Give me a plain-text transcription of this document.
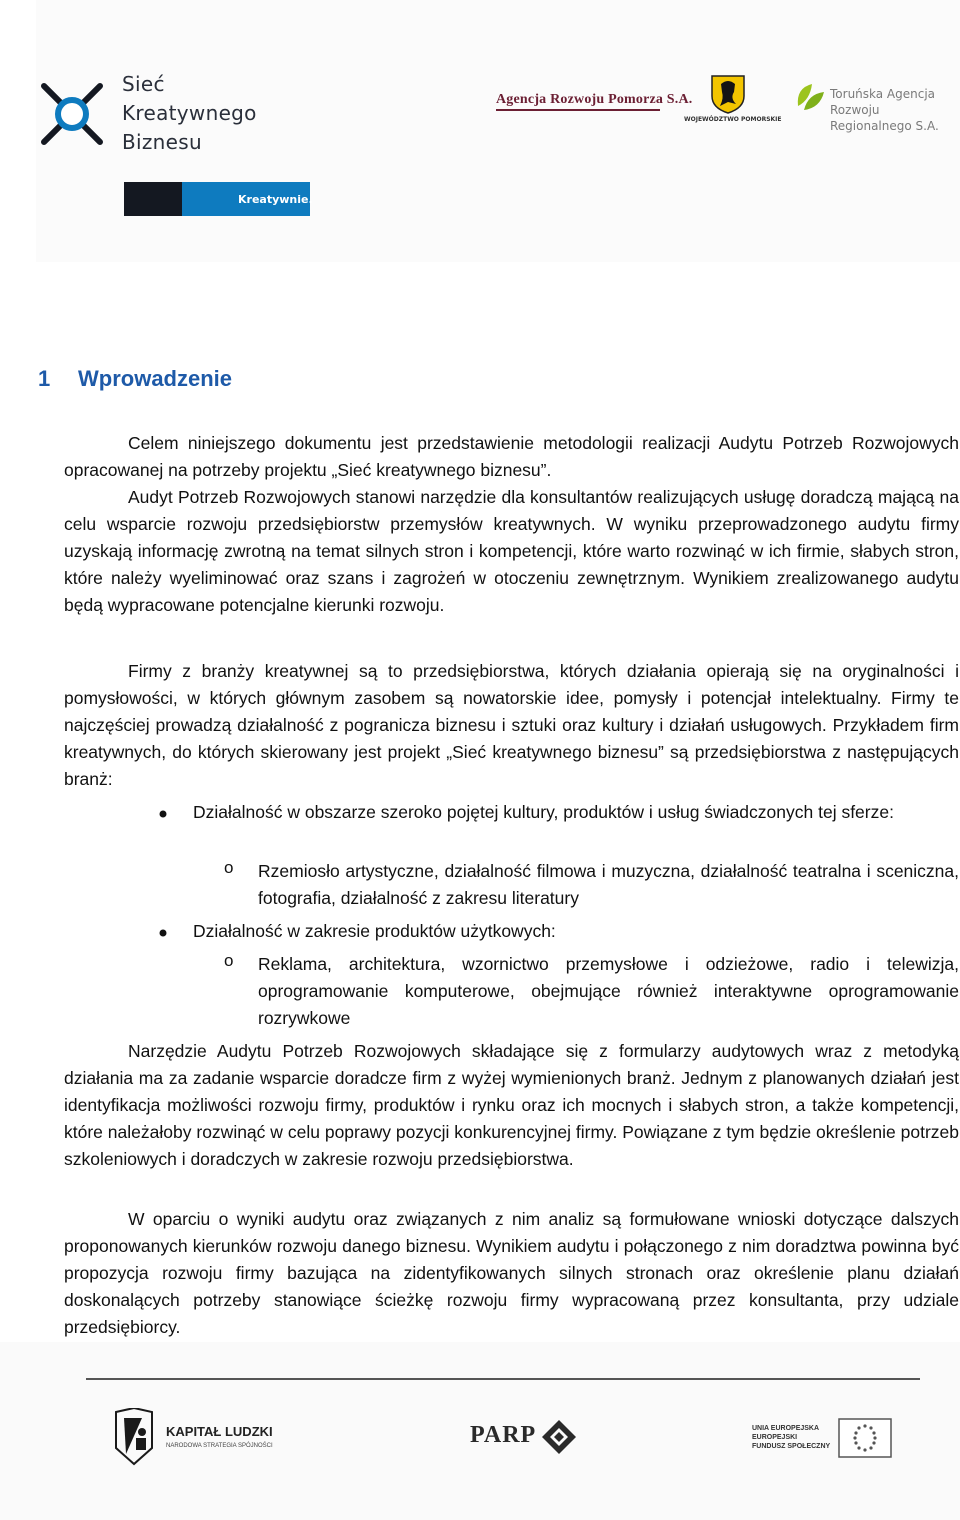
Sieć
Kreatywnego
Biznesu
Kreatywnie.
Agencja Rozwoju Pomorza S.A.
WOJEWÓDZTWO POMORSKIE
Toruńska Agencja
Rozwoju Regionalnego S.A.
1 Wprowadzenie

Celem niniejszego dokumentu jest przedstawienie metodologii realizacji Audytu Potrzeb Rozwojowych opracowanej na potrzeby projektu „Sieć kreatywnego biznesu”.

Audyt Potrzeb Rozwojowych stanowi narzędzie dla konsultantów realizujących usługę doradczą mającą na celu wsparcie rozwoju przedsiębiorstw przemysłów kreatywnych. W wyniku przeprowadzonego audytu firmy uzyskają informację zwrotną na temat silnych stron i kompetencji, które warto rozwinąć w ich firmie, słabych stron, które należy wyeliminować oraz szans i zagrożeń w otoczeniu zewnętrznym. Wynikiem zrealizowanego audytu będą wypracowane potencjalne kierunki rozwoju.

Firmy z branży kreatywnej są to przedsiębiorstwa, których działania opierają się na oryginalności i pomysłowości, w których głównym zasobem są nowatorskie idee, pomysły i potencjał intelektualny. Firmy te najczęściej prowadzą działalność z pogranicza biznesu i sztuki oraz kultury i działań usługowych. Przykładem firm kreatywnych, do których skierowany jest projekt „Sieć kreatywnego biznesu” są przedsiębiorstwa z następujących branż:

Działalność w obszarze szeroko pojętej kultury, produktów i usług świadczonych tej sferze:
o Rzemiosło artystyczne, działalność filmowa i muzyczna, działalność teatralna i sceniczna, fotografia, działalność z zakresu literatury
Działalność w zakresie produktów użytkowych:
o Reklama, architektura, wzornictwo przemysłowe i odzieżowe, radio i telewizja, oprogramowanie komputerowe, obejmujące również interaktywne oprogramowanie rozrywkowe

Narzędzie Audytu Potrzeb Rozwojowych składające się z formularzy audytowych wraz z metodyką działania ma za zadanie wsparcie doradcze firm z wyżej wymienionych branż. Jednym z planowanych działań jest identyfikacja możliwości rozwoju firmy, produktów i rynku oraz ich mocnych i słabych stron, a także kompetencji, które należałoby rozwinąć w celu poprawy pozycji konkurencyjnej firmy. Powiązane z tym będzie określenie potrzeb szkoleniowych i doradczych w zakresie rozwoju przedsiębiorstwa.

W oparciu o wyniki audytu oraz związanych z nim analiz są formułowane wnioski dotyczące dalszych proponowanych kierunków rozwoju danego biznesu. Wynikiem audytu i połączonego z nim doradztwa powinna być propozycja rozwoju firmy bazująca na zidentyfikowanych silnych stronach oraz określenie planu działań doskonalących potrzeby stanowiące ścieżkę rozwoju firmy wypracowaną przez konsultanta, przy udziale przedsiębiorcy.

KAPITAŁ LUDZKI
NARODOWA STRATEGIA SPÓJNOŚCI	PARP	UNIA EUROPEJSKA
EUROPEJSKI
FUNDUSZ SPOŁECZNY
